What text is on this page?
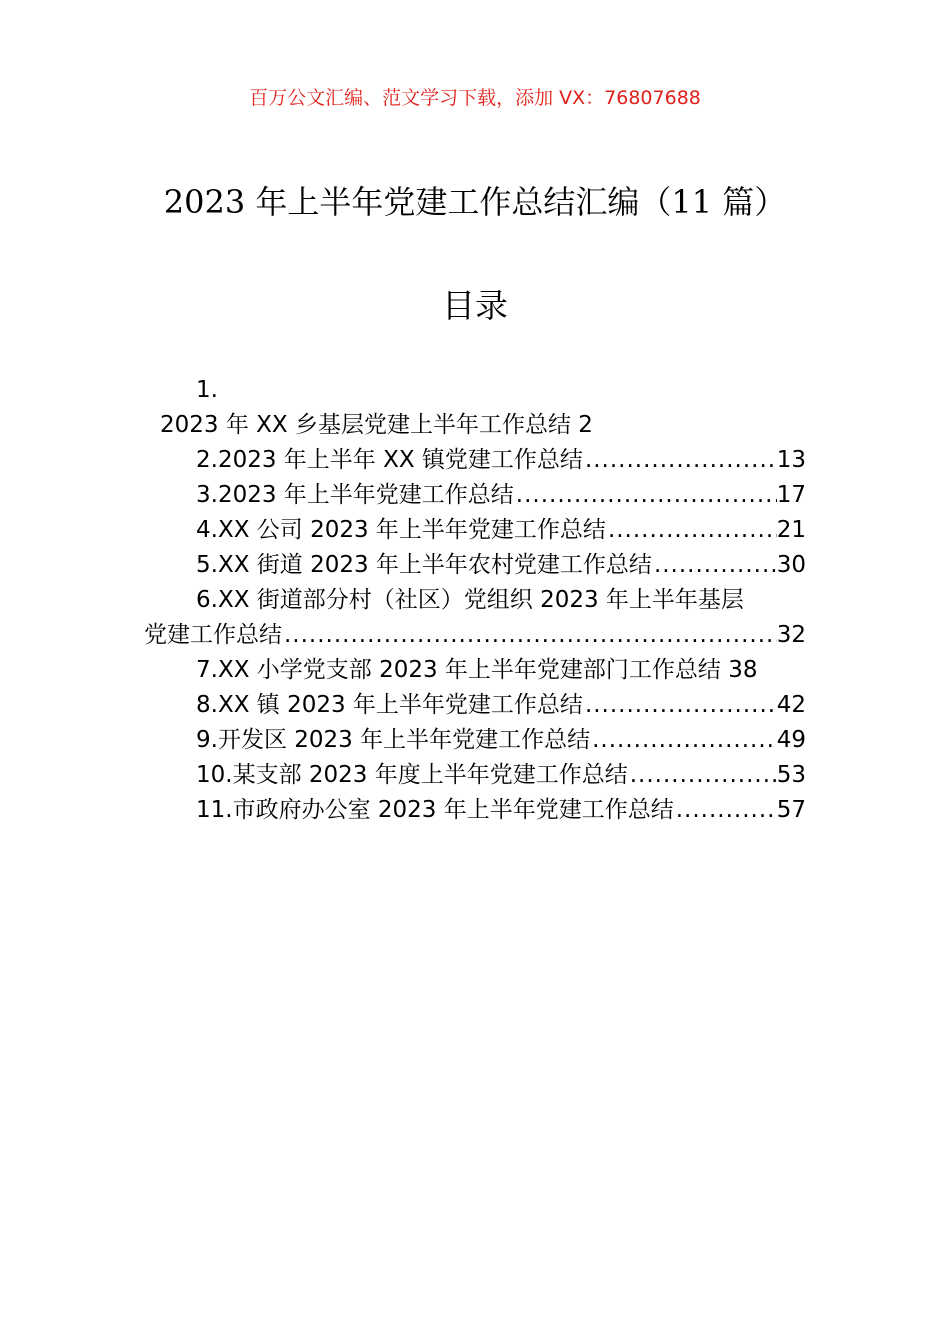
百万公文汇编、范文学习下载，添加 VX：76807688
2023 年上半年党建工作总结汇编（11 篇）
目录
1.
2023 年 XX 乡基层党建上半年工作总结 2
2.2023 年上半年 XX 镇党建工作总结 .....	13
3.2023 年上半年党建工作总结 .....	17
4.XX 公司 2023 年上半年党建工作总结 .....	21
5.XX 街道 2023 年上半年农村党建工作总结 .....	30
6.XX 街道部分村（社区）党组织 2023 年上半年基层
党建工作总结 .....	32
7.XX 小学党支部 2023 年上半年党建部门工作总结 38
8.XX 镇 2023 年上半年党建工作总结 .....	42
9.开发区 2023 年上半年党建工作总结 .....	49
10.某支部 2023 年度上半年党建工作总结 .....	53
11.市政府办公室 2023 年上半年党建工作总结 .....	57
